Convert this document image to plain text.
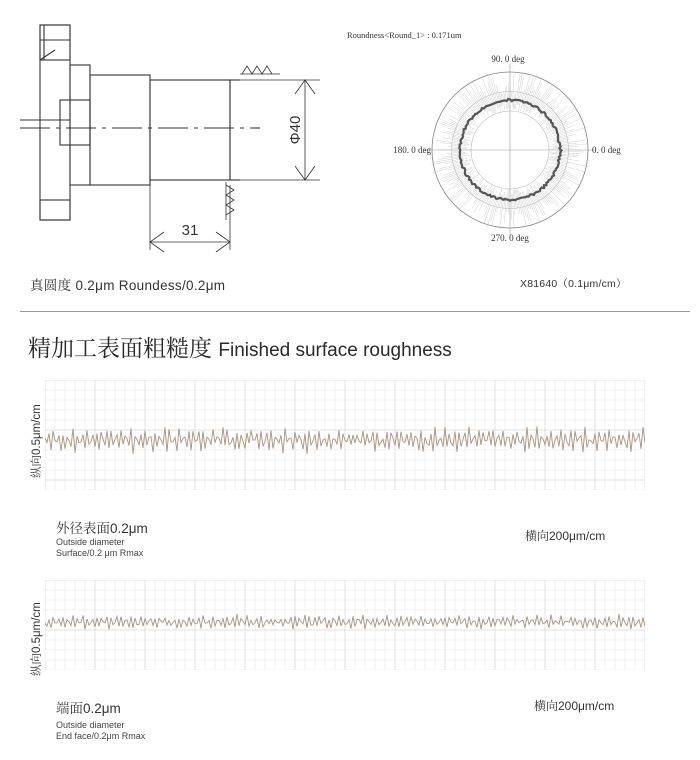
Φ40
31
Roundness<Round_1> : 0.171um
90. 0 deg
180. 0 deg	0. 0 deg
270. 0 deg
真圆度 0.2μm Roundess/0.2μm	X81640（0.1μm/cm）
精加工表面粗糙度 Finished surface roughness
纵向0.5μm/cm
外径表面0.2μm
Outside diameter
Surface/0.2 μm Rmax
横向200μm/cm
纵向0.5μm/cm
端面0.2μm
Outside diameter
End face/0.2μm Rmax
横向200μm/cm
